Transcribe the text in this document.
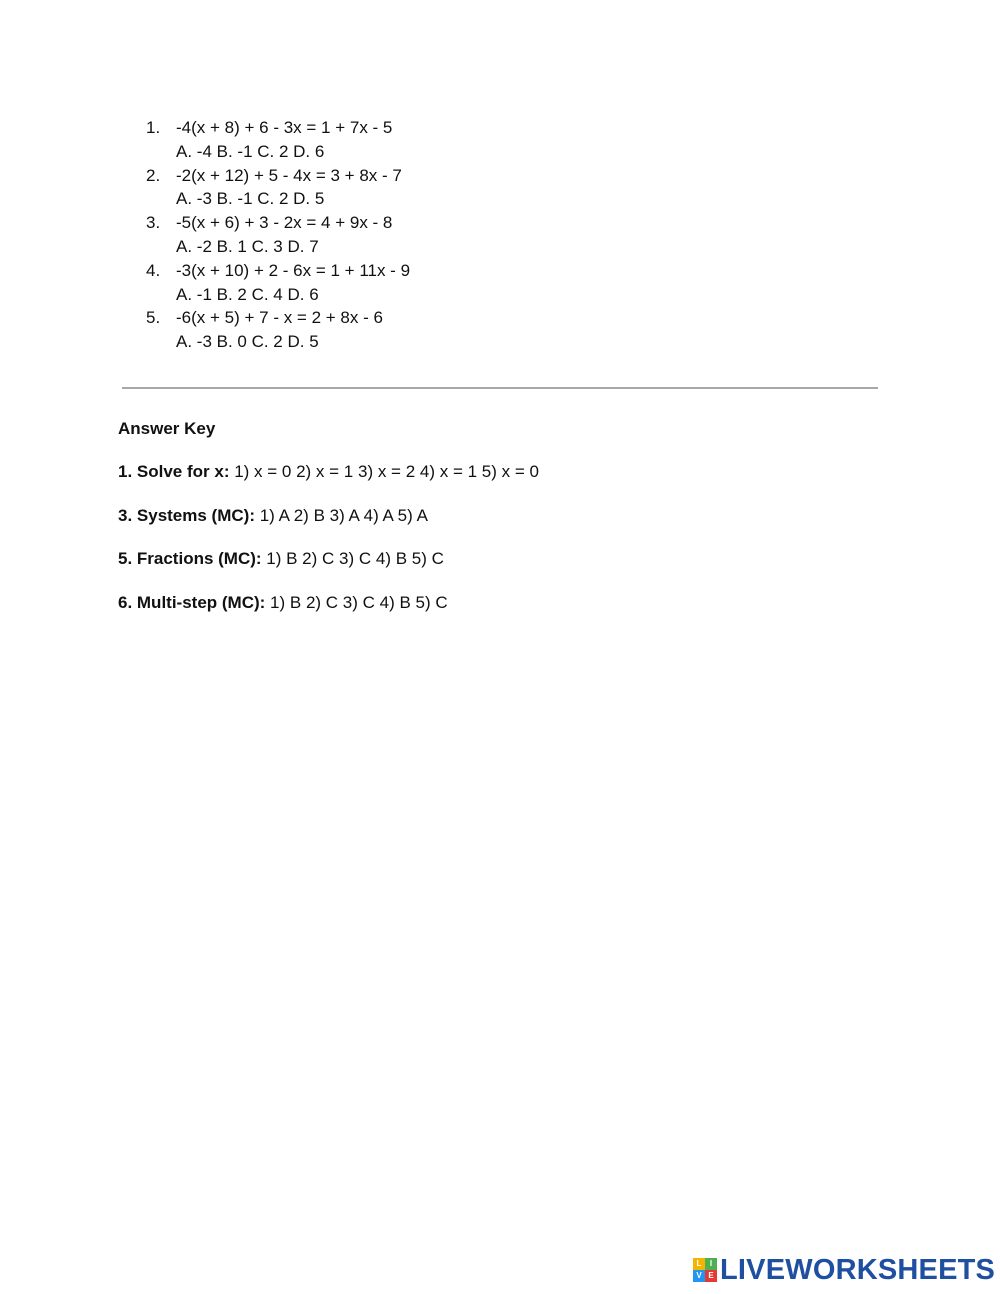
1. -4(x + 8) + 6 - 3x = 1 + 7x - 5
A. -4 B. -1 C. 2 D. 6
2. -2(x + 12) + 5 - 4x = 3 + 8x - 7
A. -3 B. -1 C. 2 D. 5
3. -5(x + 6) + 3 - 2x = 4 + 9x - 8
A. -2 B. 1 C. 3 D. 7
4. -3(x + 10) + 2 - 6x = 1 + 11x - 9
A. -1 B. 2 C. 4 D. 6
5. -6(x + 5) + 7 - x = 2 + 8x - 6
A. -3 B. 0 C. 2 D. 5
Answer Key
1. Solve for x: 1) x = 0 2) x = 1 3) x = 2 4) x = 1 5) x = 0
3. Systems (MC): 1) A 2) B 3) A 4) A 5) A
5. Fractions (MC): 1) B 2) C 3) C 4) B 5) C
6. Multi-step (MC): 1) B 2) C 3) C 4) B 5) C
L	I
V E LIVEWORKSHEETS
